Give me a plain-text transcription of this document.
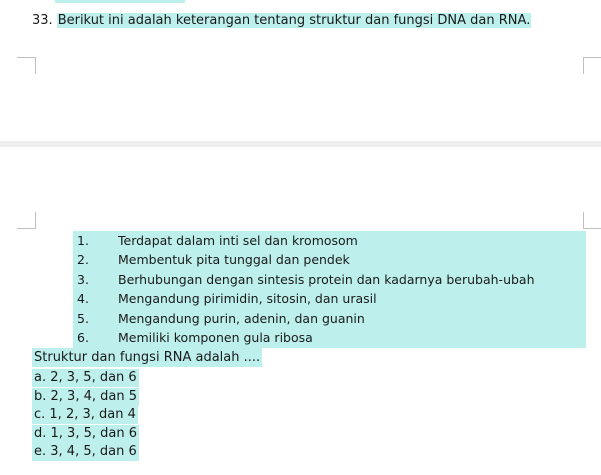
33. Berikut ini adalah keterangan tentang struktur dan fungsi DNA dan RNA.
1.	Terdapat dalam inti sel dan kromosom
2.	Membentuk pita tunggal dan pendek
3.	Berhubungan dengan sintesis protein dan kadarnya berubah-ubah
4.	Mengandung pirimidin, sitosin, dan urasil
5.	Mengandung purin, adenin, dan guanin
6.	Memiliki komponen gula ribosa
Struktur dan fungsi RNA adalah ....
a. 2, 3, 5, dan 6
b. 2, 3, 4, dan 5
c. 1, 2, 3, dan 4
d. 1, 3, 5, dan 6
e. 3, 4, 5, dan 6
